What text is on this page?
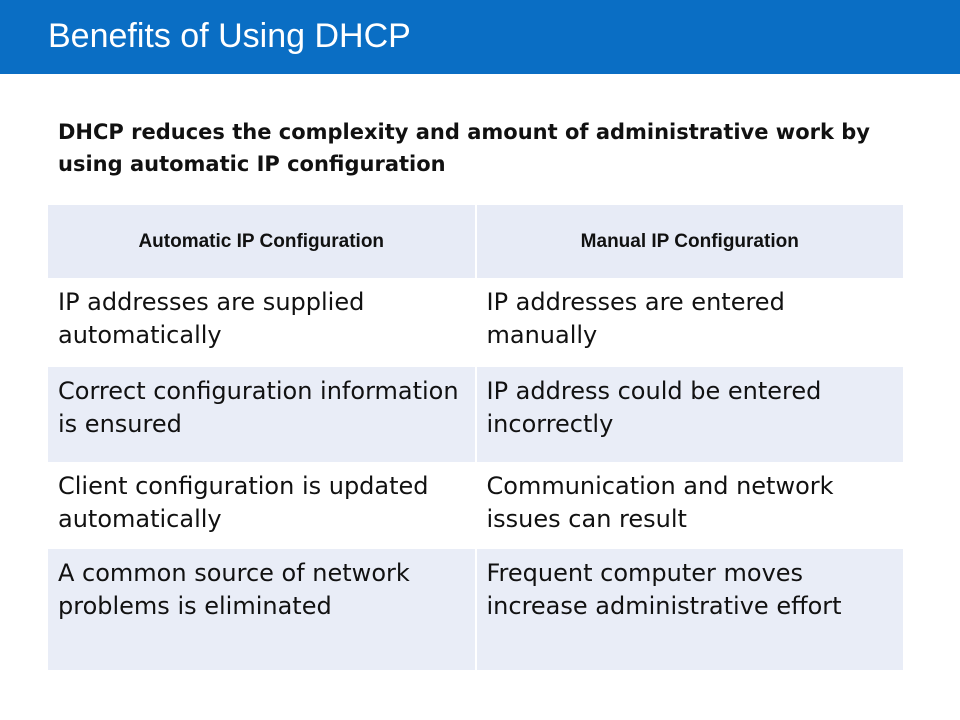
Benefits of Using DHCP
DHCP reduces the complexity and amount of administrative work by using automatic IP configuration
Automatic IP Configuration	Manual IP Configuration
IP addresses are supplied automatically	IP addresses are entered manually
Correct configuration information is ensured	IP address could be entered incorrectly
Client configuration is updated automatically	Communication and network issues can result
A common source of network problems is eliminated	Frequent computer moves increase administrative effort
